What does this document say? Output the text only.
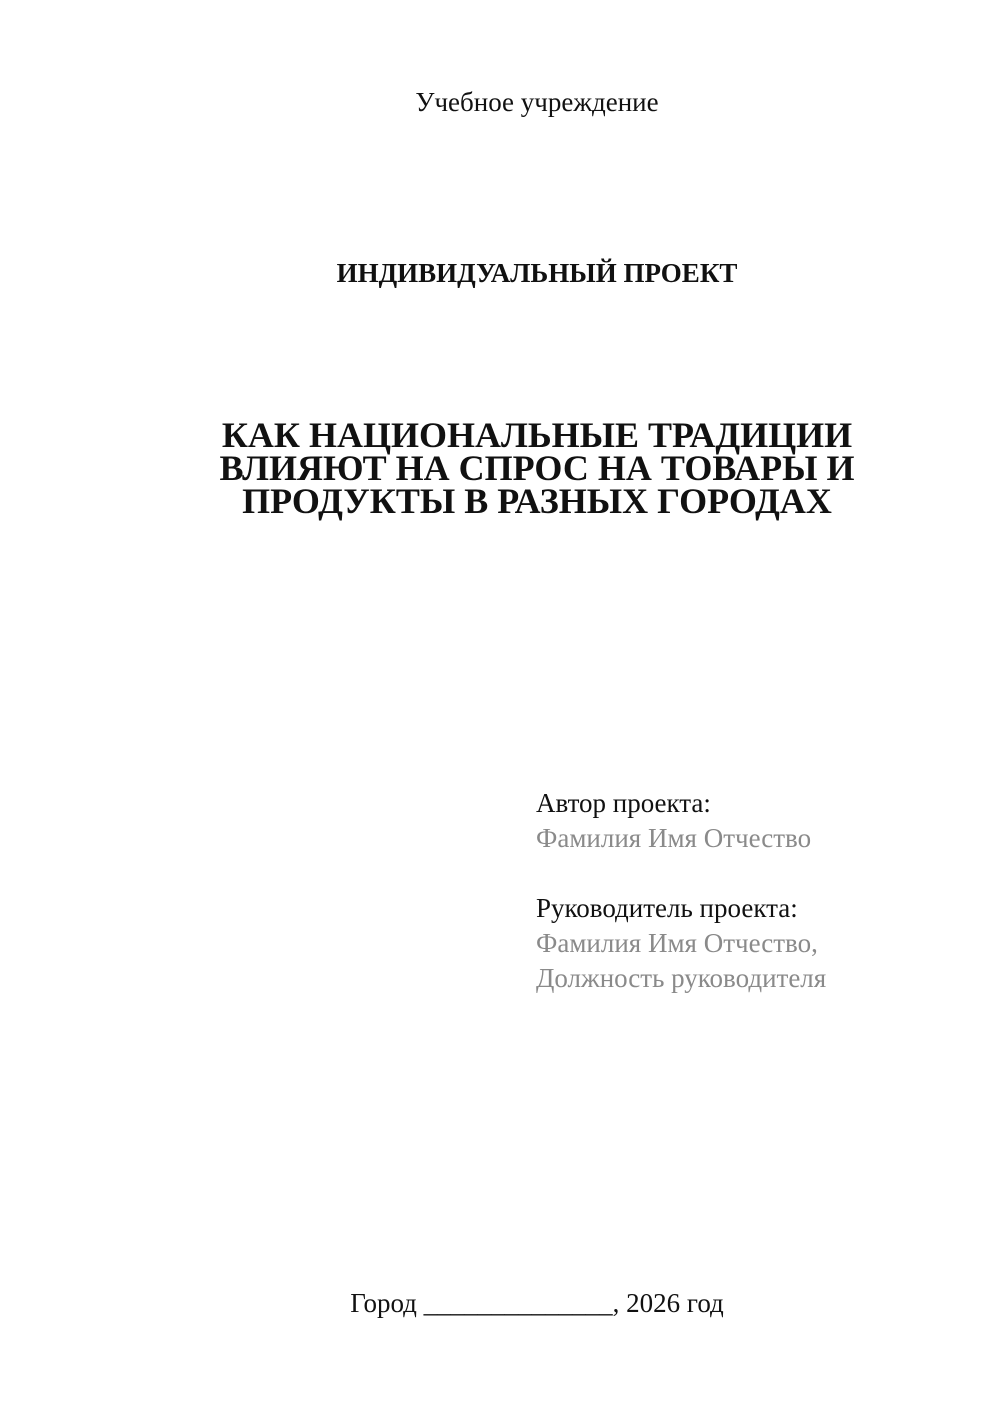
Учебное учреждение
ИНДИВИДУАЛЬНЫЙ ПРОЕКТ
КАК НАЦИОНАЛЬНЫЕ ТРАДИЦИИ
ВЛИЯЮТ НА СПРОС НА ТОВАРЫ И
ПРОДУКТЫ В РАЗНЫХ ГОРОДАХ
Автор проекта:
Фамилия Имя Отчество
Руководитель проекта:
Фамилия Имя Отчество,
Должность руководителя
Город ______________, 2026 год
